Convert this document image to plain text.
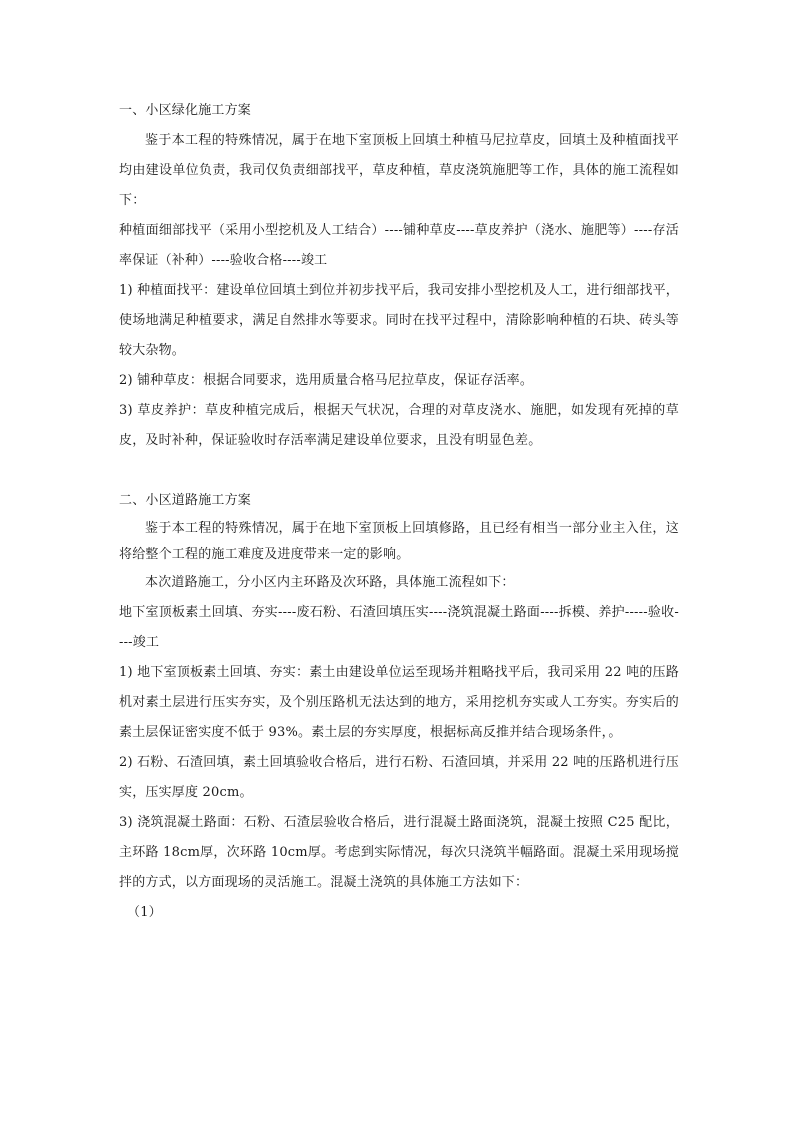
一、小区绿化施工方案

鉴于本工程的特殊情况，属于在地下室顶板上回填土种植马尼拉草皮，回填土及种植面找平均由建设单位负责，我司仅负责细部找平，草皮种植，草皮浇筑施肥等工作，具体的施工流程如下：

种植面细部找平（采用小型挖机及人工结合）----铺种草皮----草皮养护（浇水、施肥等）----存活率保证（补种）----验收合格----竣工

1) 种植面找平：建设单位回填土到位并初步找平后，我司安排小型挖机及人工，进行细部找平，使场地满足种植要求，满足自然排水等要求。同时在找平过程中，清除影响种植的石块、砖头等较大杂物。

2) 铺种草皮：根据合同要求，选用质量合格马尼拉草皮，保证存活率。

3) 草皮养护：草皮种植完成后，根据天气状况，合理的对草皮浇水、施肥，如发现有死掉的草皮，及时补种，保证验收时存活率满足建设单位要求，且没有明显色差。

二、小区道路施工方案

鉴于本工程的特殊情况，属于在地下室顶板上回填修路，且已经有相当一部分业主入住，这将给整个工程的施工难度及进度带来一定的影响。

本次道路施工，分小区内主环路及次环路，具体施工流程如下：

地下室顶板素土回填、夯实----废石粉、石渣回填压实----浇筑混凝土路面----拆模、养护-----验收----竣工

1) 地下室顶板素土回填、夯实：素土由建设单位运至现场并粗略找平后，我司采用 22 吨的压路机对素土层进行压实夯实，及个别压路机无法达到的地方，采用挖机夯实或人工夯实。夯实后的素土层保证密实度不低于 93%。素土层的夯实厚度，根据标高反推并结合现场条件，。

2) 石粉、石渣回填，素土回填验收合格后，进行石粉、石渣回填，并采用 22 吨的压路机进行压实，压实厚度 20cm。

3) 浇筑混凝土路面：石粉、石渣层验收合格后，进行混凝土路面浇筑，混凝土按照 C25 配比，主环路 18cm厚，次环路 10cm厚。考虑到实际情况，每次只浇筑半幅路面。混凝土采用现场搅拌的方式，以方面现场的灵活施工。混凝土浇筑的具体施工方法如下：

（1）
